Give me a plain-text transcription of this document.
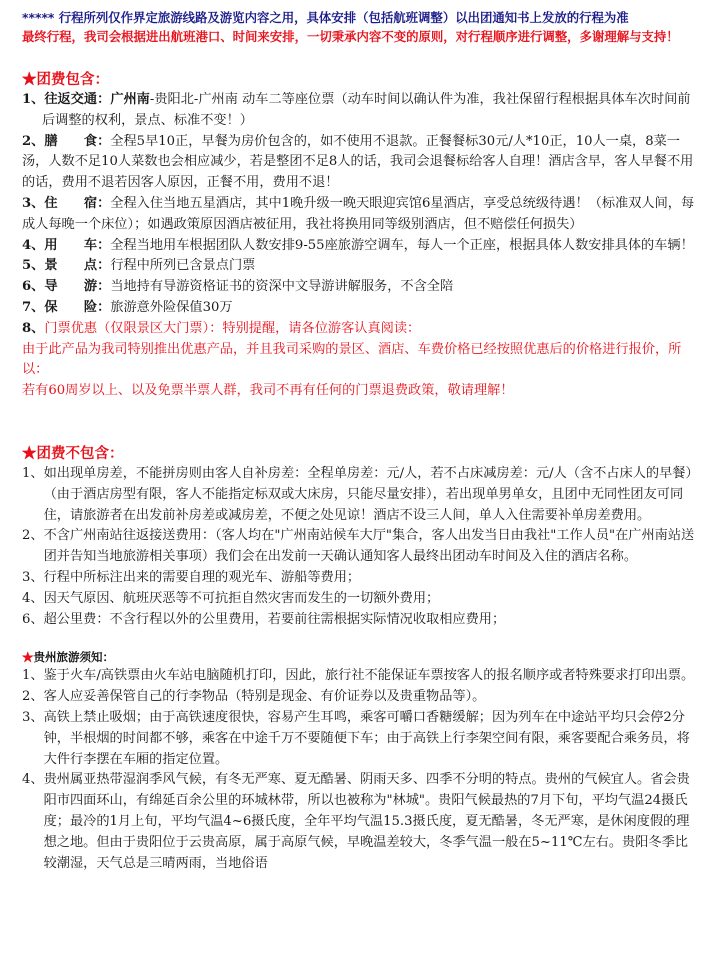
***** 行程所列仅作界定旅游线路及游览内容之用，具体安排（包括航班调整）以出团通知书上发放的行程为准
最终行程，我司会根据进出航班港口、时间来安排，一切秉承内容不变的原则，对行程顺序进行调整，多谢理解与支持！
★团费包含：

1、往返交通：广州南-贵阳北-广州南 动车二等座位票（动车时间以确认件为准，我社保留行程根据具体车次时间前后调整的权利，景点、标准不变！）

2、膳　　食：全程5早10正，早餐为房价包含的，如不使用不退款。正餐餐标30元/人*10正，10人一桌，8菜一汤，人数不足10人菜数也会相应减少，若是整团不足8人的话，我司会退餐标给客人自理！酒店含早，客人早餐不用的话，费用不退若因客人原因，正餐不用，费用不退！

3、住　　宿：全程入住当地五星酒店，其中1晚升级一晚天眼迎宾馆6星酒店，享受总统级待遇！（标准双人间，每成人每晚一个床位）；如遇政策原因酒店被征用，我社将换用同等级别酒店，但不赔偿任何损失）

4、用　　车：全程当地用车根据团队人数安排9-55座旅游空调车，每人一个正座，根据具体人数安排具体的车辆！

5、景　　点：行程中所列已含景点门票

6、导　　游：当地持有导游资格证书的资深中文导游讲解服务，不含全陪

7、保　　险：旅游意外险保值30万

8、门票优惠（仅限景区大门票）：特别提醒，请各位游客认真阅读：

由于此产品为我司特别推出优惠产品，并且我司采购的景区、酒店、车费价格已经按照优惠后的价格进行报价，所以：

若有60周岁以上、以及免票半票人群，我司不再有任何的门票退费政策，敬请理解！

★团费不包含：
1、 如出现单房差，不能拼房则由客人自补房差：全程单房差：元/人，若不占床减房差：元/人（含不占床人的早餐）（由于酒店房型有限，客人不能指定标双或大床房，只能尽量安排），若出现单男单女，且团中无同性团友可同住，请旅游者在出发前补房差或减房差，不便之处见谅！酒店不设三人间，单人入住需要补单房差费用。
2、 不含广州南站往返接送费用：（客人均在"广州南站候车大厅"集合，客人出发当日由我社"工作人员"在广州南站送团并告知当地旅游相关事项）我们会在出发前一天确认通知客人最终出团动车时间及入住的酒店名称。
3、 行程中所标注出来的需要自理的观光车、游船等费用；
4、 因天气原因、航班厌恶等不可抗拒自然灾害而发生的一切额外费用；
6、 超公里费：不含行程以外的公里费用，若要前往需根据实际情况收取相应费用；
★贵州旅游须知：
1、 鉴于火车/高铁票由火车站电脑随机打印，因此，旅行社不能保证车票按客人的报名顺序或者特殊要求打印出票。
2、 客人应妥善保管自己的行李物品（特别是现金、有价证券以及贵重物品等）。
3、 高铁上禁止吸烟；由于高铁速度很快，容易产生耳鸣，乘客可嚼口香糖缓解；因为列车在中途站平均只会停2分钟，半根烟的时间都不够，乘客在中途千万不要随便下车；由于高铁上行李架空间有限，乘客要配合乘务员，将大件行李摆在车厢的指定位置。
4、 贵州属亚热带湿润季风气候，有冬无严寒、夏无酷暑、阴雨天多、四季不分明的特点。贵州的气候宜人。省会贵阳市四面环山，有绵延百余公里的环城林带，所以也被称为"林城"。贵阳气候最热的7月下旬，平均气温24摄氏度；最冷的1月上旬，平均气温4~6摄氏度，全年平均气温15.3摄氏度，夏无酷暑，冬无严寒，是休闲度假的理想之地。但由于贵阳位于云贵高原，属于高原气候，早晚温差较大，冬季气温一般在5~11℃左右。贵阳冬季比较潮湿，天气总是三晴两雨，当地俗语
